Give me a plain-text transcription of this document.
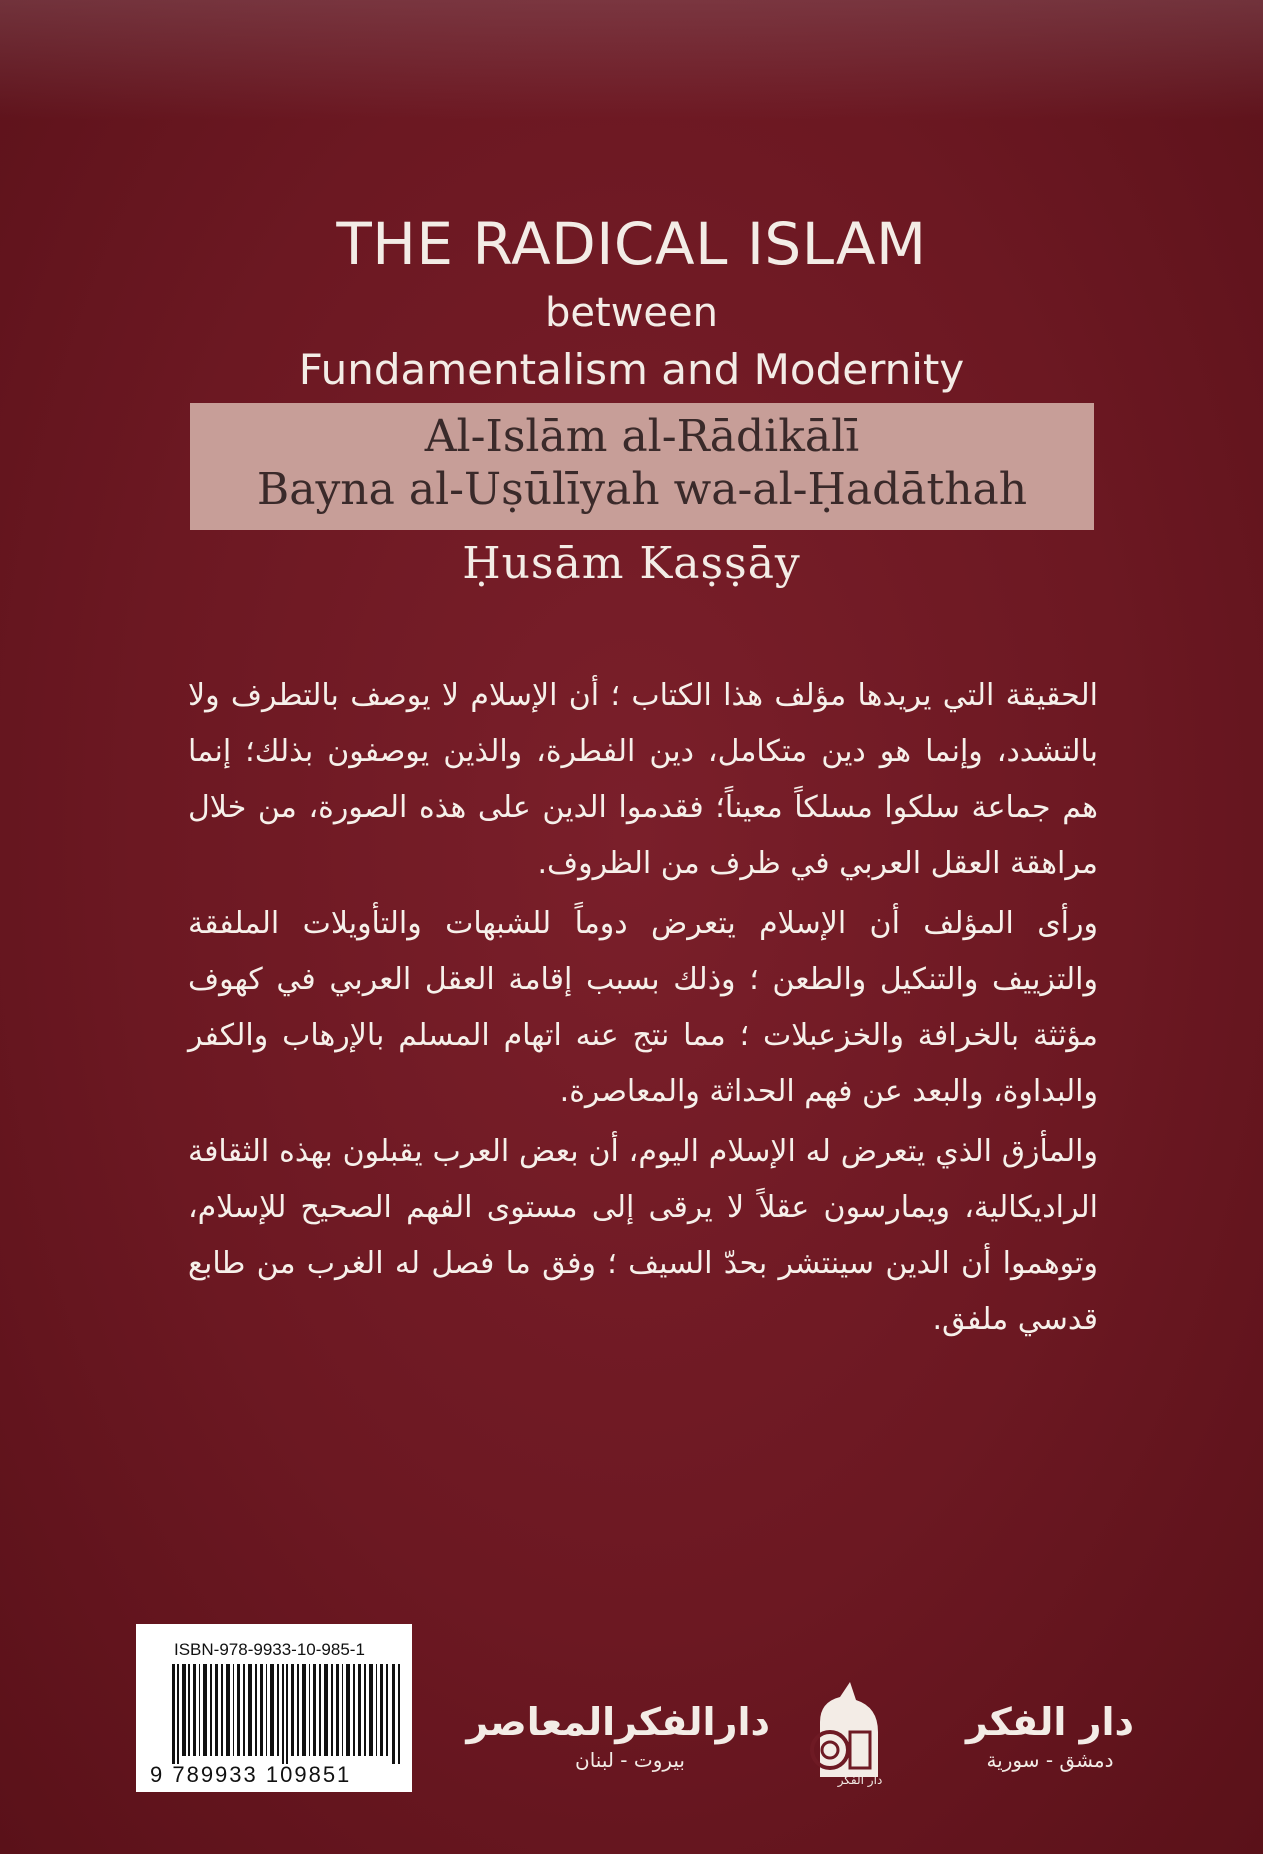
THE RADICAL ISLAM
between
Fundamentalism and Modernity
Al-Islām al-Rādikālī
Bayna al-Uṣūlīyah wa-al-Ḥadāthah
Ḥusām Kaṣṣāy

الحقيقة التي يريدها مؤلف هذا الكتاب ؛ أن الإسلام لا يوصف بالتطرف ولا بالتشدد، وإنما هو دين متكامل، دين الفطرة، والذين يوصفون بذلك؛ إنما هم جماعة سلكوا مسلكاً معيناً؛ فقدموا الدين على هذه الصورة، من خلال مراهقة العقل العربي في ظرف من الظروف.

ورأى المؤلف أن الإسلام يتعرض دوماً للشبهات والتأويلات الملفقة والتزييف والتنكيل والطعن ؛ وذلك بسبب إقامة العقل العربي في كهوف مؤثثة بالخرافة والخزعبلات ؛ مما نتج عنه اتهام المسلم بالإرهاب والكفر والبداوة، والبعد عن فهم الحداثة والمعاصرة.

والمأزق الذي يتعرض له الإسلام اليوم، أن بعض العرب يقبلون بهذه الثقافة الراديكالية، ويمارسون عقلاً لا يرقى إلى مستوى الفهم الصحيح للإسلام، وتوهموا أن الدين سينتشر بحدّ السيف ؛ وفق ما فصل له الغرب من طابع قدسي ملفق.

ISBN-978-9933-10-985-1
9 789933 109851
دارالفكرالمعاصر
بيروت - لبنان
دار الفكر
دار الفكر
دمشق - سورية
